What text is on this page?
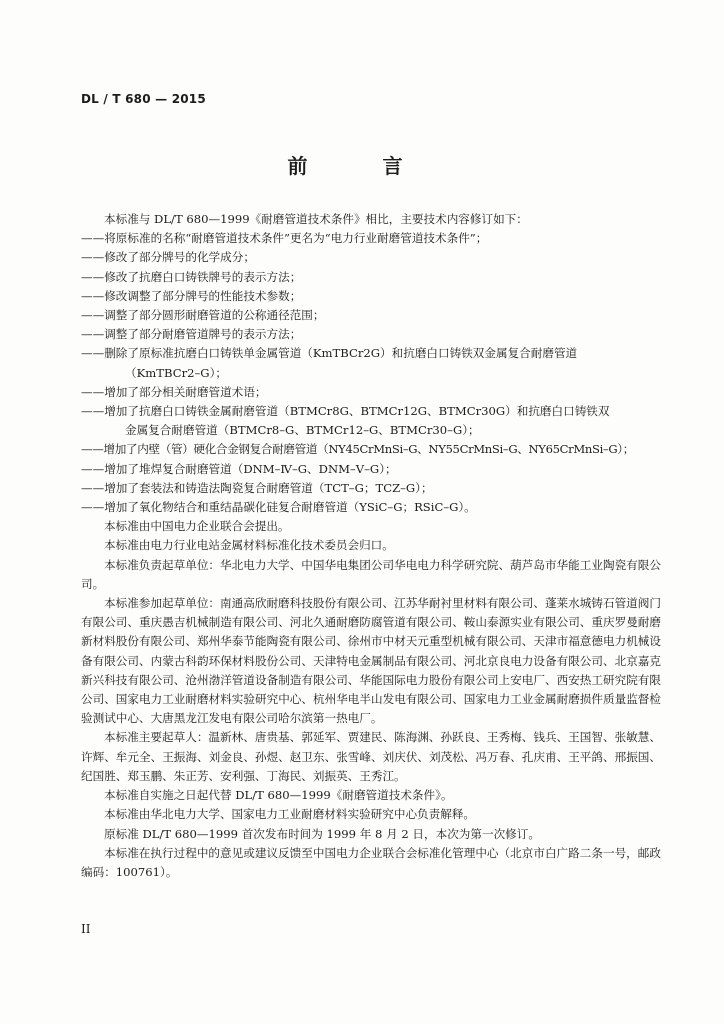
DL / T 680 — 2015
前 言
本标准与 DL/T 680—1999《耐磨管道技术条件》相比，主要技术内容修订如下：
——将原标准的名称“耐磨管道技术条件”更名为“电力行业耐磨管道技术条件”；
——修改了部分牌号的化学成分；
——修改了抗磨白口铸铁牌号的表示方法；
——修改调整了部分牌号的性能技术参数；
——调整了部分圆形耐磨管道的公称通径范围；
——调整了部分耐磨管道牌号的表示方法；
——删除了原标准抗磨白口铸铁单金属管道（KmTBCr2G）和抗磨白口铸铁双金属复合耐磨管道
（KmTBCr2–G）；
——增加了部分相关耐磨管道术语；
——增加了抗磨白口铸铁金属耐磨管道（BTMCr8G、BTMCr12G、BTMCr30G）和抗磨白口铸铁双
金属复合耐磨管道（BTMCr8–G、BTMCr12–G、BTMCr30–G）；
——增加了内壁（管）硬化合金钢复合耐磨管道（NY45CrMnSi–G、NY55CrMnSi–G、NY65CrMnSi–G）；
——增加了堆焊复合耐磨管道（DNM–Ⅳ–G、DNM–Ⅴ–G）；
——增加了套装法和铸造法陶瓷复合耐磨管道（TCT–G；TCZ–G）；
——增加了氧化物结合和重结晶碳化硅复合耐磨管道（YSiC–G；RSiC–G）。
本标准由中国电力企业联合会提出。
本标准由电力行业电站金属材料标准化技术委员会归口。
本标准负责起草单位：华北电力大学、中国华电集团公司华电电力科学研究院、葫芦岛市华能工业陶瓷有限公司。
本标准参加起草单位：南通高欣耐磨科技股份有限公司、江苏华耐衬里材料有限公司、蓬莱水城铸石管道阀门有限公司、重庆愚吉机械制造有限公司、河北久通耐磨防腐管道有限公司、鞍山泰源实业有限公司、重庆罗曼耐磨新材料股份有限公司、郑州华泰节能陶瓷有限公司、徐州市中材天元重型机械有限公司、天津市福意德电力机械设备有限公司、内蒙古科韵环保材料股份公司、天津特电金属制品有限公司、河北京良电力设备有限公司、北京嘉克新兴科技有限公司、沧州渤洋管道设备制造有限公司、华能国际电力股份有限公司上安电厂、西安热工研究院有限公司、国家电力工业耐磨材料实验研究中心、杭州华电半山发电有限公司、国家电力工业金属耐磨损件质量监督检验测试中心、大唐黑龙江发电有限公司哈尔滨第一热电厂。
本标准主要起草人：温新林、唐贵基、郭延军、贾建民、陈海渊、孙跃良、王秀梅、钱兵、王国智、张敏慧、许辉、牟元全、王振海、刘金良、孙煜、赵卫东、张雪峰、刘庆伏、刘茂松、冯万春、孔庆甫、王平鸽、邢振国、纪国胜、郑玉鹏、朱正芳、安利强、丁海民、刘振英、王秀江。
本标准自实施之日起代替 DL/T 680—1999《耐磨管道技术条件》。
本标准由华北电力大学、国家电力工业耐磨材料实验研究中心负责解释。
原标准 DL/T 680—1999 首次发布时间为 1999 年 8 月 2 日，本次为第一次修订。
本标准在执行过程中的意见或建议反馈至中国电力企业联合会标准化管理中心（北京市白广路二条一号，邮政编码：100761）。
II
